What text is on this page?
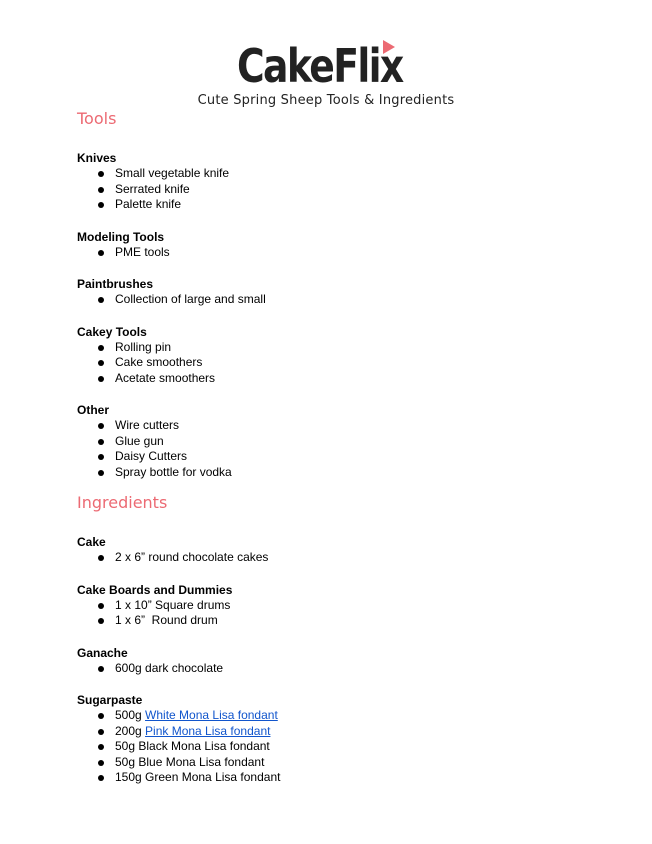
CakeFlix
Cute Spring Sheep Tools & Ingredients
Tools
Knives
Small vegetable knife
Serrated knife
Palette knife
Modeling Tools
PME tools
Paintbrushes
Collection of large and small
Cakey Tools
Rolling pin
Cake smoothers
Acetate smoothers
Other
Wire cutters
Glue gun
Daisy Cutters
Spray bottle for vodka
Ingredients
Cake
2 x 6” round chocolate cakes
Cake Boards and Dummies
1 x 10” Square drums
1 x 6”  Round drum
Ganache
600g dark chocolate
Sugarpaste
500g White Mona Lisa fondant
200g Pink Mona Lisa fondant
50g Black Mona Lisa fondant
50g Blue Mona Lisa fondant
150g Green Mona Lisa fondant
